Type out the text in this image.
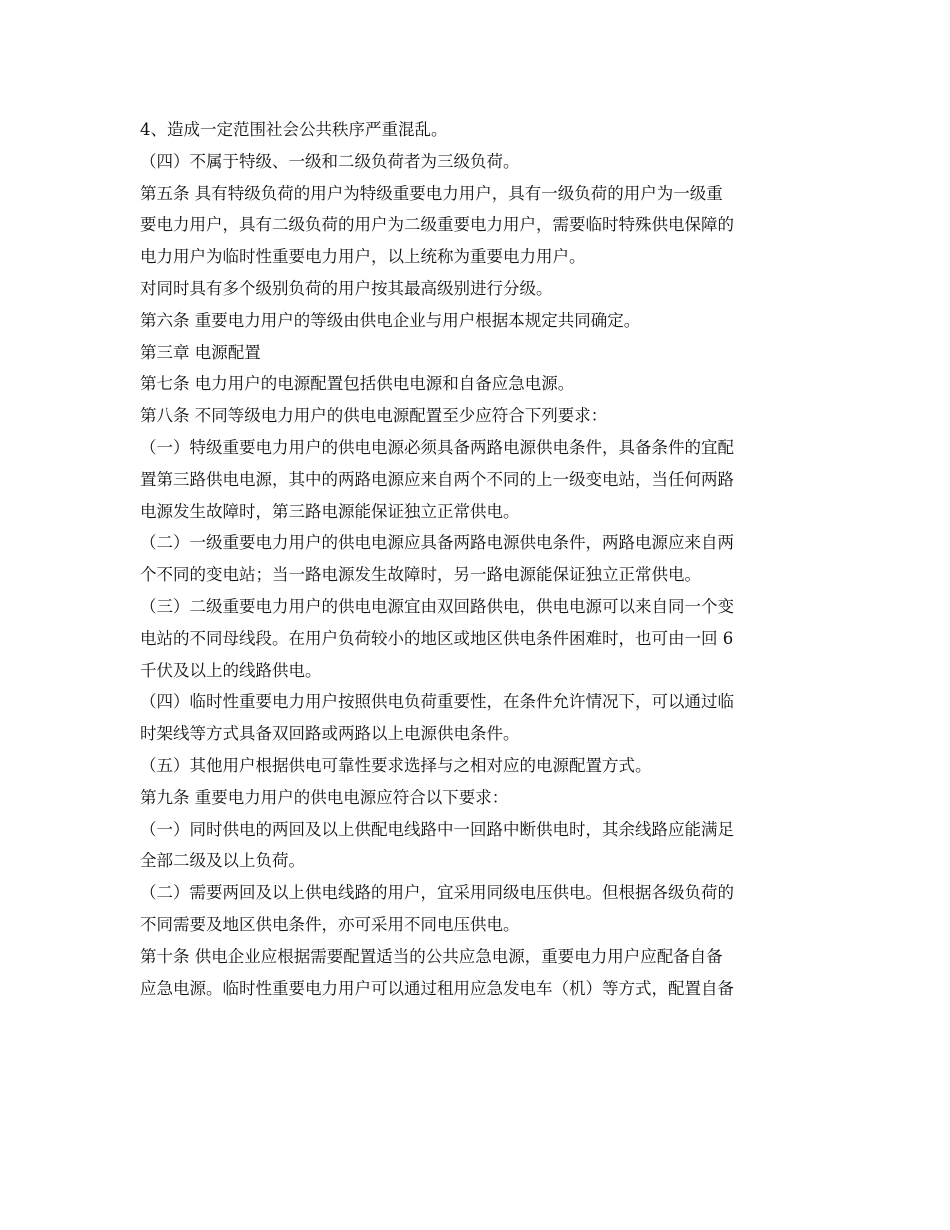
4、造成一定范围社会公共秩序严重混乱。
（四）不属于特级、一级和二级负荷者为三级负荷。
第五条 具有特级负荷的用户为特级重要电力用户，具有一级负荷的用户为一级重
要电力用户，具有二级负荷的用户为二级重要电力用户，需要临时特殊供电保障的
电力用户为临时性重要电力用户，以上统称为重要电力用户。
对同时具有多个级别负荷的用户按其最高级别进行分级。
第六条 重要电力用户的等级由供电企业与用户根据本规定共同确定。
第三章 电源配置
第七条 电力用户的电源配置包括供电电源和自备应急电源。
第八条 不同等级电力用户的供电电源配置至少应符合下列要求：
（一）特级重要电力用户的供电电源必须具备两路电源供电条件，具备条件的宜配
置第三路供电电源，其中的两路电源应来自两个不同的上一级变电站，当任何两路
电源发生故障时，第三路电源能保证独立正常供电。
（二）一级重要电力用户的供电电源应具备两路电源供电条件，两路电源应来自两
个不同的变电站；当一路电源发生故障时，另一路电源能保证独立正常供电。
（三）二级重要电力用户的供电电源宜由双回路供电，供电电源可以来自同一个变
电站的不同母线段。在用户负荷较小的地区或地区供电条件困难时，也可由一回 6
千伏及以上的线路供电。
（四）临时性重要电力用户按照供电负荷重要性，在条件允许情况下，可以通过临
时架线等方式具备双回路或两路以上电源供电条件。
（五）其他用户根据供电可靠性要求选择与之相对应的电源配置方式。
第九条 重要电力用户的供电电源应符合以下要求：
（一）同时供电的两回及以上供配电线路中一回路中断供电时，其余线路应能满足
全部二级及以上负荷。
（二）需要两回及以上供电线路的用户，宜采用同级电压供电。但根据各级负荷的
不同需要及地区供电条件，亦可采用不同电压供电。
第十条 供电企业应根据需要配置适当的公共应急电源，重要电力用户应配备自备
应急电源。临时性重要电力用户可以通过租用应急发电车（机）等方式，配置自备
